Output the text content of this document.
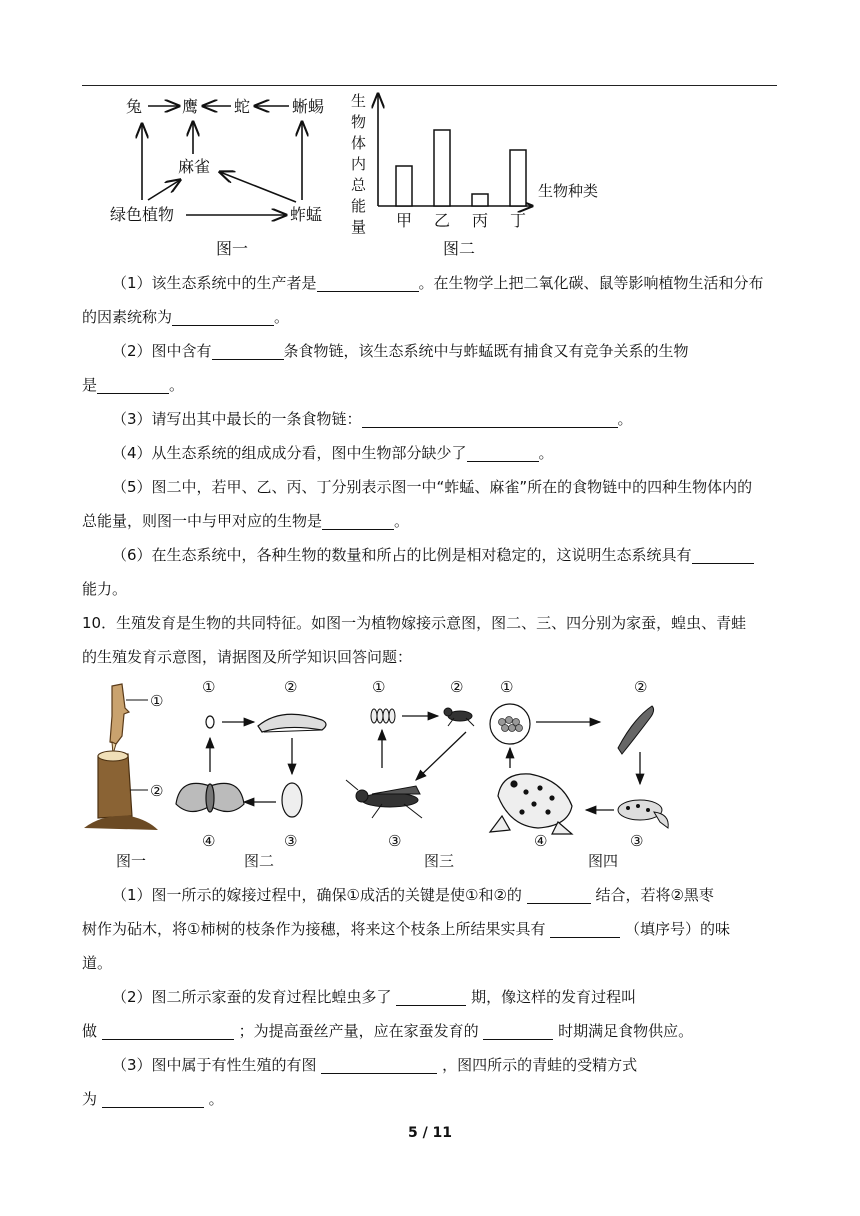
兔 鹰 蛇	蜥蜴
麻雀
绿色植物	蚱蜢
图一
生
物
体
内
总
能
量 甲 乙 丙 丁
生物种类
图二
（1）该生态系统中的生产者是	。在生物学上把二氧化碳、鼠等影响植物生活和分布
的因素统称为	。
（2）图中含有	条食物链，该生态系统中与蚱蜢既有捕食又有竞争关系的生物
是	。
（3）请写出其中最长的一条食物链：	。
（4）从生态系统的组成成分看，图中生物部分缺少了	。
（5）图二中，若甲、乙、丙、丁分别表示图一中“蚱蜢、麻雀”所在的食物链中的四种生物体内的
总能量，则图一中与甲对应的生物是	。
（6）在生态系统中，各种生物的数量和所占的比例是相对稳定的，这说明生态系统具有
能力。
10．生殖发育是生物的共同特征。如图一为植物嫁接示意图，图二、三、四分别为家蚕，蝗虫、青蛙
的生殖发育示意图，请据图及所学知识回答问题：
①
②
①	②
③
④
①	②
③
①	②
③
④
图一	图二	图三	图四
（1）图一所示的嫁接过程中，确保①成活的关键是使①和②的	结合，若将②黑枣
树作为砧木，将①柿树的枝条作为接穗，将来这个枝条上所结果实具有	（填序号）的味
道。
（2）图二所示家蚕的发育过程比蝗虫多了	期，像这样的发育过程叫
做	；为提高蚕丝产量，应在家蚕发育的	时期满足食物供应。
（3）图中属于有性生殖的有图	，图四所示的青蛙的受精方式
为	。
5 / 11
